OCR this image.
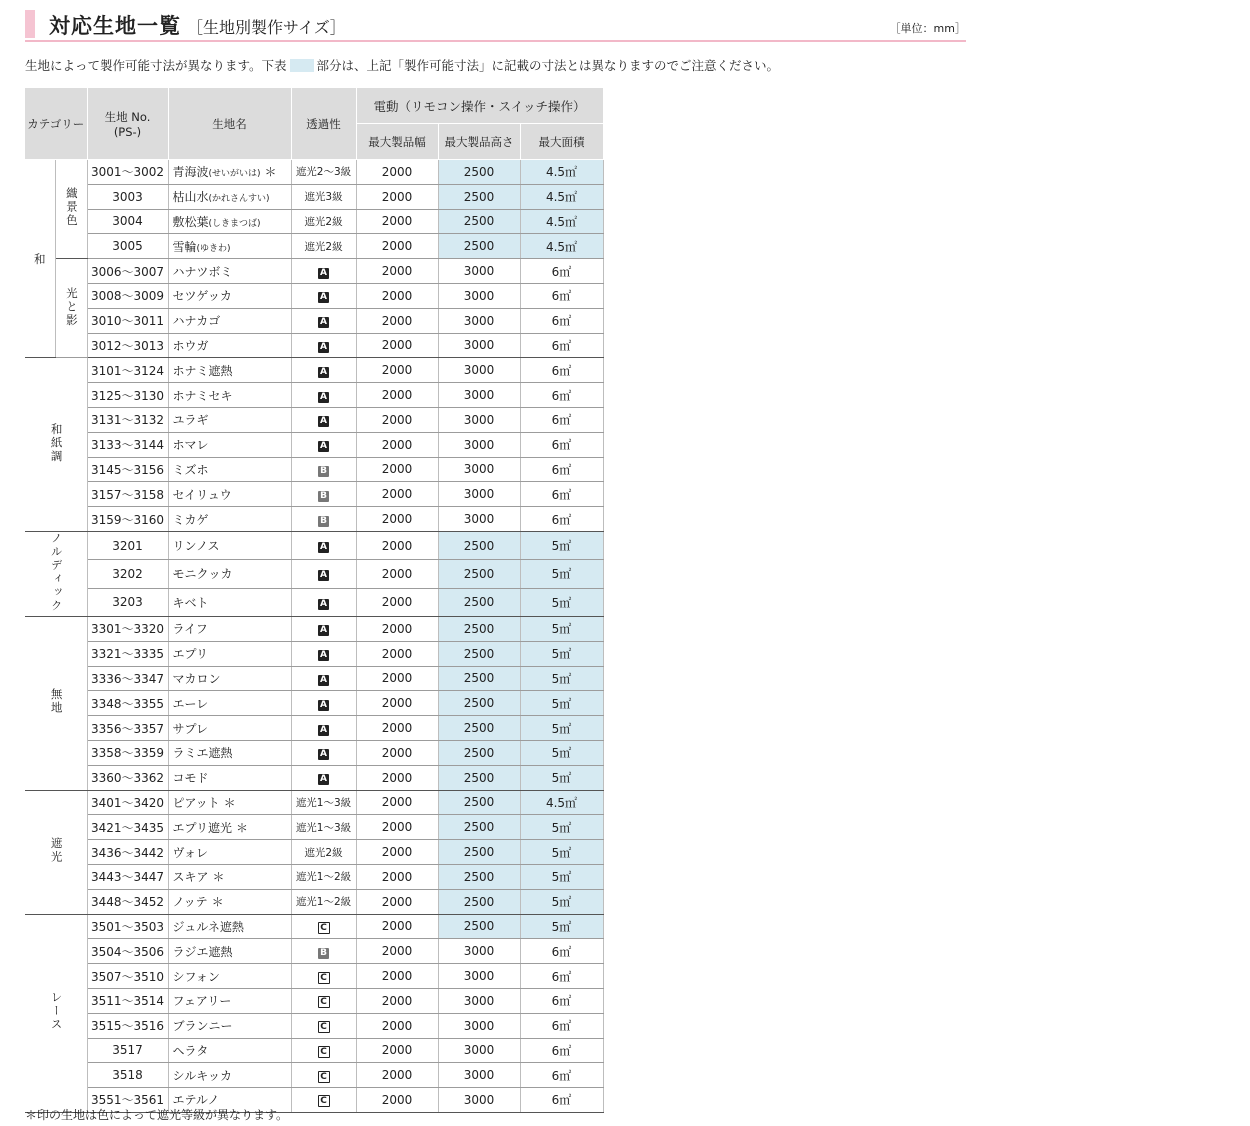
対応生地一覧 ［生地別製作サイズ］	［単位：mm］
生地によって製作可能寸法が異なります。下表 部分は、上記「製作可能寸法」に記載の寸法とは異なりますのでご注意ください。
カテゴリー		生地 No.
(PS-)	生地名	透過性	電動（リモコン操作・スイッチ操作）		
					最大製品幅	最大製品高さ	最大面積
和	織景色	3001～3002	青海波(せいがいは) ＊	遮光2～3級	2000	2500	4.5㎡
		3003	枯山水(かれさんすい)	遮光3級	2000	2500	4.5㎡
		3004	敷松葉(しきまつば)	遮光2級	2000	2500	4.5㎡
		3005	雪輪(ゆきわ)	遮光2級	2000	2500	4.5㎡
	光と影	3006～3007	ハナツボミ	A	2000	3000	6㎡
		3008～3009	セツゲッカ	A	2000	3000	6㎡
		3010～3011	ハナカゴ	A	2000	3000	6㎡
		3012～3013	ホウガ	A	2000	3000	6㎡
和紙調		3101～3124	ホナミ遮熱	A	2000	3000	6㎡
		3125～3130	ホナミセキ	A	2000	3000	6㎡
		3131～3132	ユラギ	A	2000	3000	6㎡
		3133～3144	ホマレ	A	2000	3000	6㎡
		3145～3156	ミズホ	B	2000	3000	6㎡
		3157～3158	セイリュウ	B	2000	3000	6㎡
		3159～3160	ミカゲ	B	2000	3000	6㎡
ノルディック		3201	リンノス	A	2000	2500	5㎡
		3202	モニクッカ	A	2000	2500	5㎡
		3203	キベト	A	2000	2500	5㎡
無地		3301～3320	ライフ	A	2000	2500	5㎡
		3321～3335	エプリ	A	2000	2500	5㎡
		3336～3347	マカロン	A	2000	2500	5㎡
		3348～3355	エーレ	A	2000	2500	5㎡
		3356～3357	サプレ	A	2000	2500	5㎡
		3358～3359	ラミエ遮熱	A	2000	2500	5㎡
		3360～3362	コモド	A	2000	2500	5㎡
遮光		3401～3420	ピアット ＊	遮光1～3級	2000	2500	4.5㎡
		3421～3435	エプリ遮光 ＊	遮光1～3級	2000	2500	5㎡
		3436～3442	ヴォレ	遮光2級	2000	2500	5㎡
		3443～3447	スキア ＊	遮光1～2級	2000	2500	5㎡
		3448～3452	ノッテ ＊	遮光1～2級	2000	2500	5㎡
レース		3501～3503	ジュルネ遮熱	C	2000	2500	5㎡
		3504～3506	ラジエ遮熱	B	2000	3000	6㎡
		3507～3510	シフォン	C	2000	3000	6㎡
		3511～3514	フェアリー	C	2000	3000	6㎡
		3515～3516	ブランニー	C	2000	3000	6㎡
		3517	ヘラタ	C	2000	3000	6㎡
		3518	シルキッカ	C	2000	3000	6㎡
		3551～3561	エテルノ	C	2000	3000	6㎡
＊印の生地は色によって遮光等級が異なります。
